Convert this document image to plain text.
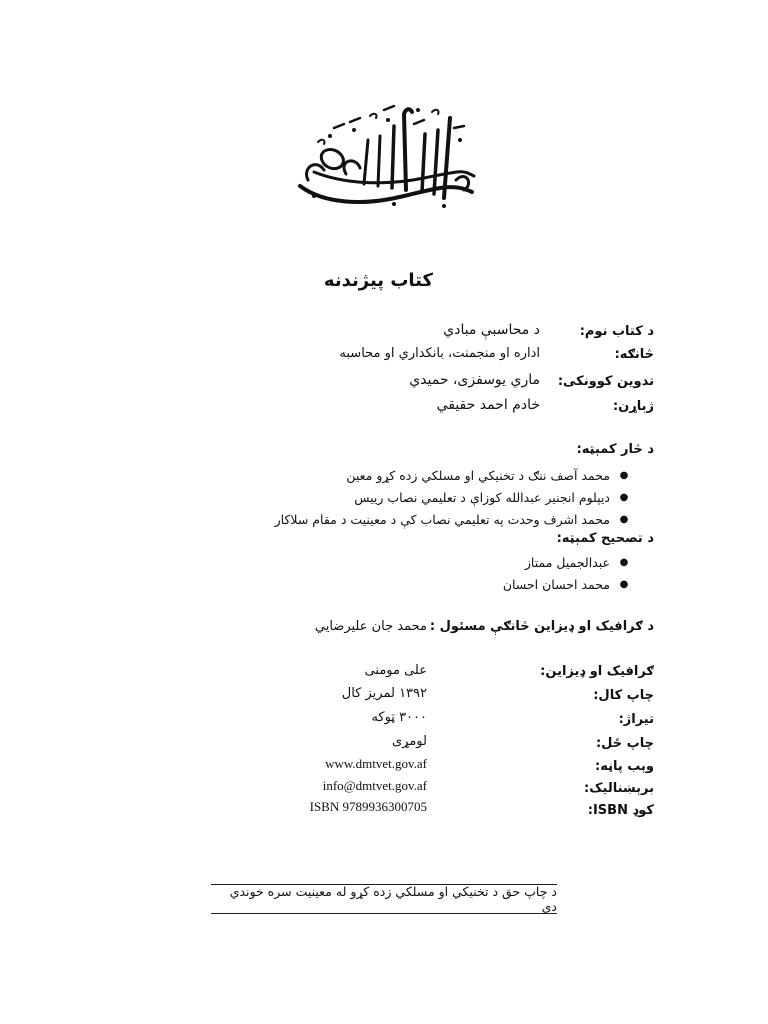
کتاب پیژندنه
د کتاب نوم:
د محاسبې مبادي
څانګه:
اداره او منجمنت، بانکداري او محاسبه
تدوین کوونکی:
ماري یوسفزی، حمیدي
ژباړن:
خادم احمد حقیقي
د څار کمېټه:
●
محمد آصف ننګ د تخنیکي او مسلکي زده کړو معین
●
دیپلوم انجنیر عبدالله کوزاې د تعلیمي نصاب رییس
●
محمد اشرف وحدت په تعلیمي نصاب کې د معینیت د مقام سلاکار
د تصحیح کمېټه:
●
عبدالجمیل ممتاز
●
محمد احسان احسان
د ګرافیک او ډیزاین څانګې مسئول :
محمد جان علیرضایي
ګرافیک او ډیزاین:
علی مومنی
چاپ کال:
۱۳۹۲ لمریز کال
تیراژ:
۳۰۰۰ ټوکه
چاپ ځل:
لومړی
وېب پاڼه:
www.dmtvet.gov.af
برېښنالیک:
info@dmtvet.gov.af
کوډ ISBN:
ISBN 9789936300705
د چاپ حق د تخنیکي او مسلکي زده کړو له معینیت سره خوندي دی
